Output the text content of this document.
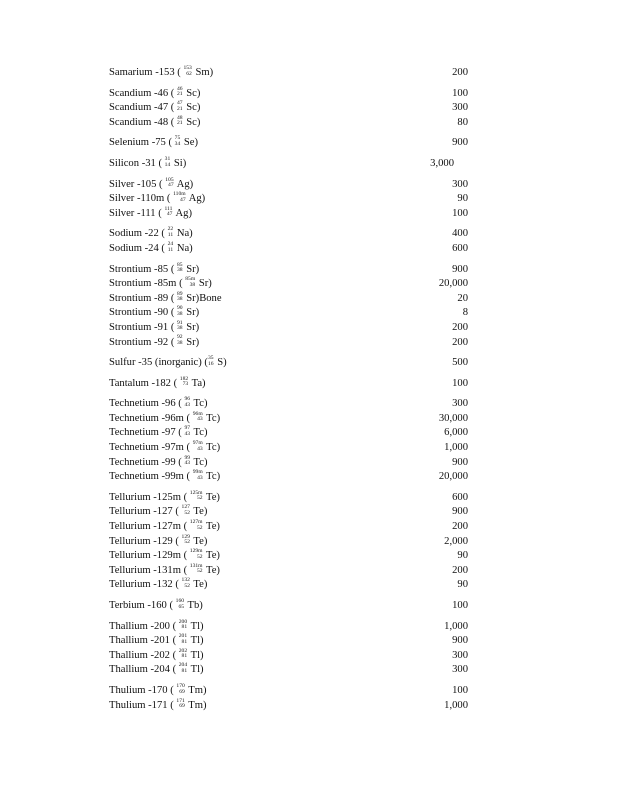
Samarium -153 ( 153
62 Sm)	200
Scandium -46 ( 46
21 Sc)	100
Scandium -47 ( 47
21 Sc)	300
Scandium -48 ( 48
21 Sc)	80
Selenium -75 ( 75
34 Se)	900
Silicon -31 ( 31
14 Si)	3,000
Silver -105 ( 105
47 Ag)	300
Silver -110m ( 110m
47 Ag)	90
Silver -111 ( 111
47 Ag)	100
Sodium -22 ( 22
11 Na)	400
Sodium -24 ( 24
11 Na)	600
Strontium -85 ( 85
38 Sr)	900
Strontium -85m ( 85m
38 Sr)	20,000
Strontium -89 ( 89
38 Sr)Bone	20
Strontium -90 ( 90
38 Sr)	8
Strontium -91 ( 91
38 Sr)	200
Strontium -92 ( 92
38 Sr)	200
Sulfur -35 (inorganic) ( 35
16 S)	500
Tantalum -182 ( 182
73 Ta)	100
Technetium -96 ( 96
43 Tc)	300
Technetium -96m ( 96m
43 Tc)	30,000
Technetium -97 ( 97
43 Tc)	6,000
Technetium -97m ( 97m
43 Tc)	1,000
Technetium -99 ( 99
43 Tc)	900
Technetium -99m ( 99m
43 Tc)	20,000
Tellurium -125m ( 125m
52 Te)	600
Tellurium -127 ( 127
52 Te)	900
Tellurium -127m ( 127m
52 Te)	200
Tellurium -129 ( 129
52 Te)	2,000
Tellurium -129m ( 129m
52 Te)	90
Tellurium -131m ( 131m
52 Te)	200
Tellurium -132 ( 132
52 Te)	90
Terbium -160 ( 160
65 Tb)	100
Thallium -200 ( 200
81 Tl)	1,000
Thallium -201 ( 201
81 Tl)	900
Thallium -202 ( 202
81 Tl)	300
Thallium -204 ( 204
81 Tl)	300
Thulium -170 ( 170
69 Tm)	100
Thulium -171 ( 171
69 Tm)	1,000
